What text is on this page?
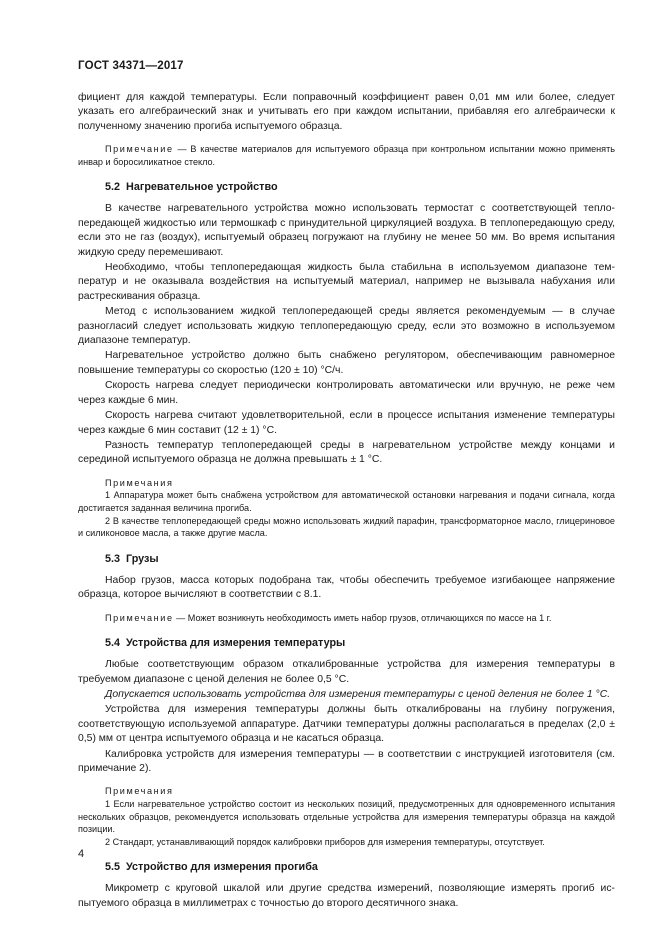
ГОСТ 34371—2017

фициент для каждой температуры. Если поправочный коэффициент равен 0,01 мм или более, следует указать его алгебраический знак и учитывать его при каждом испытании, прибавляя его алгебраически к полученному значению прогиба испытуемого образца.

Примечание — В качестве материалов для испытуемого образца при контрольном испытании можно применять инвар и боросиликатное стекло.

5.2 Нагревательное устройство

В качестве нагревательного устройства можно использовать термостат с соответствующей теплопередающей жидкостью или термошкаф с принудительной циркуляцией воздуха. В теплопередающую среду, если это не газ (воздух), испытуемый образец погружают на глубину не менее 50 мм. Во время испытания жидкую среду перемешивают.

Необходимо, чтобы теплопередающая жидкость была стабильна в используемом диапазоне температур и не оказывала воздействия на испытуемый материал, например не вызывала набухания или растрескивания образца.

Метод с использованием жидкой теплопередающей среды является рекомендуемым — в случае разногласий следует использовать жидкую теплопередающую среду, если это возможно в используемом диапазоне температур.

Нагревательное устройство должно быть снабжено регулятором, обеспечивающим равномерное повышение температуры со скоростью (120 ± 10) °С/ч.

Скорость нагрева следует периодически контролировать автоматически или вручную, не реже чем через каждые 6 мин.

Скорость нагрева считают удовлетворительной, если в процессе испытания изменение температуры через каждые 6 мин составит (12 ± 1) °С.

Разность температур теплопередающей среды в нагревательном устройстве между концами и серединой испытуемого образца не должна превышать ± 1 °С.

Примечания

1 Аппаратура может быть снабжена устройством для автоматической остановки нагревания и подачи сигнала, когда достигается заданная величина прогиба.

2 В качестве теплопередающей среды можно использовать жидкий парафин, трансформаторное масло, глицериновое и силиконовое масла, а также другие масла.

5.3 Грузы

Набор грузов, масса которых подобрана так, чтобы обеспечить требуемое изгибающее напряжение образца, которое вычисляют в соответствии с 8.1.

Примечание — Может возникнуть необходимость иметь набор грузов, отличающихся по массе на 1 г.

5.4 Устройства для измерения температуры

Любые соответствующим образом откалиброванные устройства для измерения температуры в требуемом диапазоне с ценой деления не более 0,5 °С.

Допускается использовать устройства для измерения температуры с ценой деления не более 1 °С.

Устройства для измерения температуры должны быть откалиброваны на глубину погружения, соответствующую используемой аппаратуре. Датчики температуры должны располагаться в пределах (2,0 ± 0,5) мм от центра испытуемого образца и не касаться образца.

Калибровка устройств для измерения температуры — в соответствии с инструкцией изготовителя (см. примечание 2).

Примечания

1 Если нагревательное устройство состоит из нескольких позиций, предусмотренных для одновременного испытания нескольких образцов, рекомендуется использовать отдельные устройства для измерения температуры образца на каждой позиции.

2 Стандарт, устанавливающий порядок калибровки приборов для измерения температуры, отсутствует.

5.5 Устройство для измерения прогиба

Микрометр с круговой шкалой или другие средства измерений, позволяющие измерять прогиб испытуемого образца в миллиметрах с точностью до второго десятичного знака.

4
